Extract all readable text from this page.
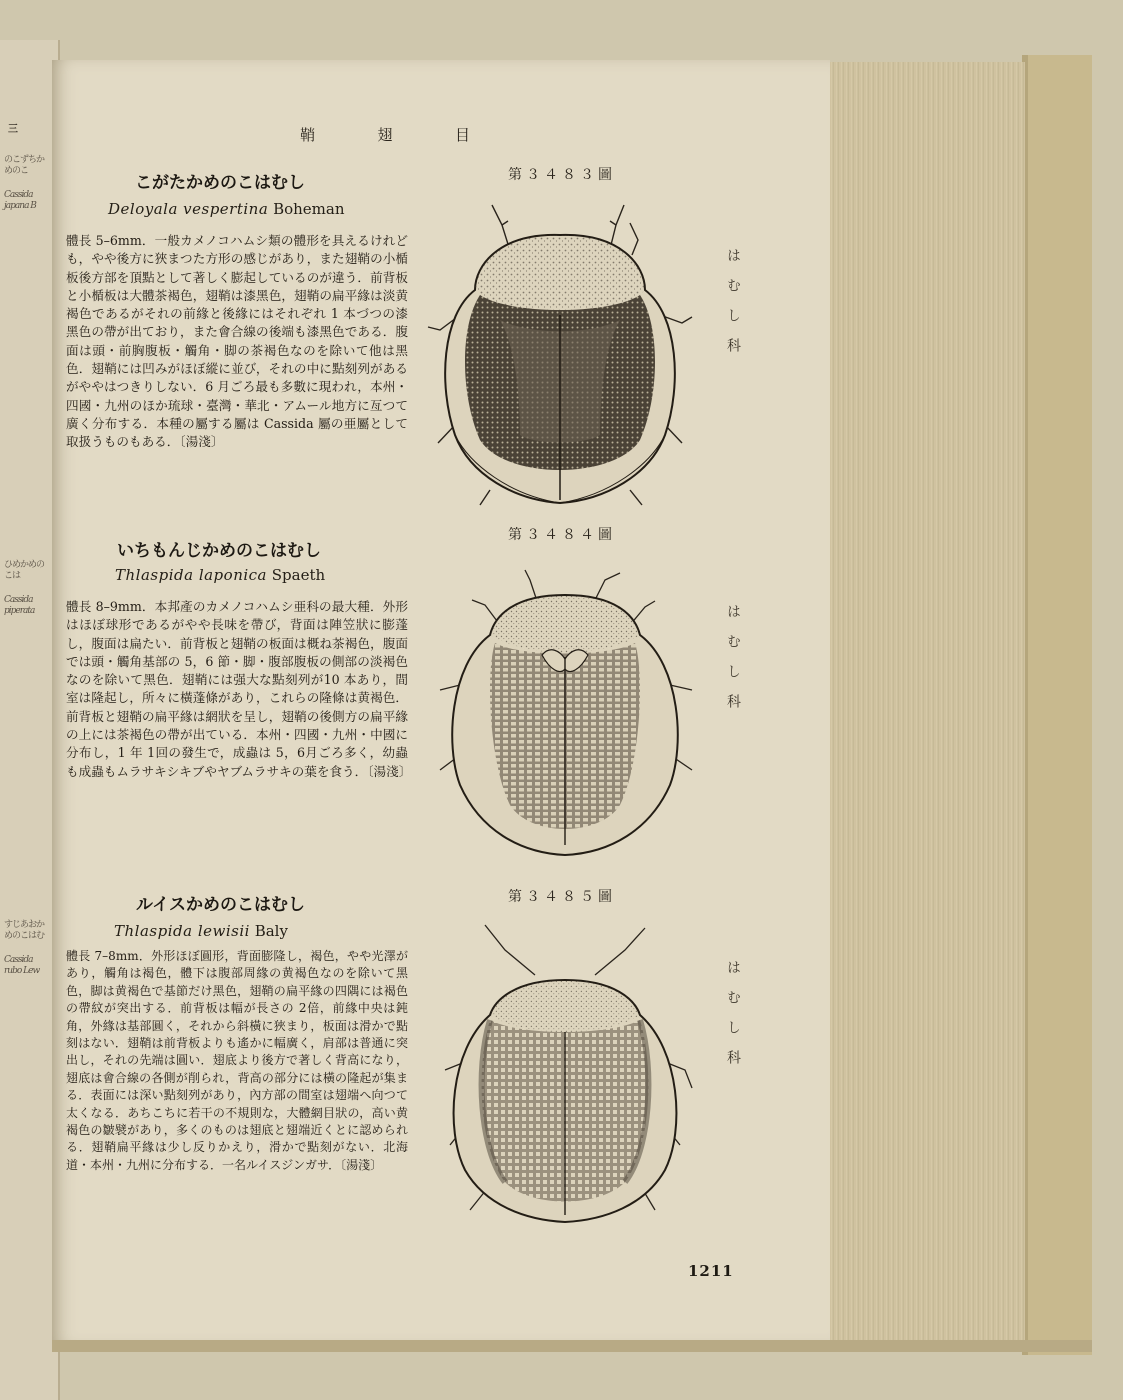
三
のこずちかめのこ
Cassida japana B
ひめかめのこは
Cassida piperata
すじあおかめのこはむ
Cassida rubo Lew
鞘	翅	目
こがたかめのこはむし
Deloyala vespertina Boheman
體長 5–6mm．一般カメノコハムシ類の體形を具えるけれども，やや後方に狹まつた方形の感じがあり，また翅鞘の小楯板後方部を頂點として著しく膨起しているのが違う．前背板と小楯板は大體茶褐色，翅鞘は漆黑色，翅鞘の扁平緣は淡黄褐色であるがそれの前緣と後緣にはそれぞれ 1 本づつの漆黑色の帶が出ており，また會合線の後端も漆黑色である．腹面は頭・前胸腹板・觸角・脚の茶褐色なのを除いて他は黑色．翅鞘には凹みがほぼ縱に並び，それの中に點刻列があるがややはつきりしない．6 月ごろ最も多數に現われ，本州・四國・九州のほか琉球・臺灣・華北・アムール地方に亙つて廣く分布する．本種の屬する屬は Cassida 屬の亜屬として取扱うものもある．〔湯淺〕
いちもんじかめのこはむし
Thlaspida laponica Spaeth
體長 8–9mm．本邦產のカメノコハムシ亜科の最大種．外形はほぼ球形であるがやや長味を帶び，背面は陣笠狀に膨蓬し，腹面は扁たい．前背板と翅鞘の板面は概ね茶褐色，腹面では頭・觸角基部の 5，6 節・脚・腹部腹板の側部の淡褐色なのを除いて黑色．翅鞘には强大な點刻列が10 本あり，間室は隆起し，所々に橫蓬條があり，これらの隆條は黄褐色．前背板と翅鞘の扁平緣は網狀を呈し，翅鞘の後側方の扁平緣の上には茶褐色の帶が出ている．本州・四國・九州・中國に分布し，1 年 1回の發生で，成蟲は 5，6月ごろ多く，幼蟲も成蟲もムラサキシキブやヤブムラサキの葉を食う．〔湯淺〕
ルイスかめのこはむし
Thlaspida lewisii Baly
體長 7–8mm．外形ほぼ圓形，背面膨隆し，褐色，やや光澤があり，觸角は褐色，體下は腹部周緣の黄褐色なのを除いて黑色，脚は黄褐色で基節だけ黑色，翅鞘の扁平緣の四隅には褐色の帶紋が突出する．前背板は幅が長さの 2倍，前緣中央は鈍角，外緣は基部圓く，それから斜橫に狹まり，板面は滑かで點刻はない．翅鞘は前背板よりも遙かに幅廣く，肩部は普通に突出し，それの先端は圓い．翅底より後方で著しく背高になり，翅底は會合線の各側が削られ，背高の部分には橫の隆起が集まる．表面には深い點刻列があり，內方部の間室は翅端へ向つて太くなる．あちこちに若干の不規則な，大體網目狀の，高い黄褐色の皺襞があり，多くのものは翅底と翅端近くとに認められる．翅鞘扁平緣は少し反りかえり，滑かで點刻がない．北海道・本州・九州に分布する．一名ルイスジンガサ．〔湯淺〕
第３４８３圖
第３４８４圖
第３４８５圖
はむし科
はむし科
はむし科
1211
